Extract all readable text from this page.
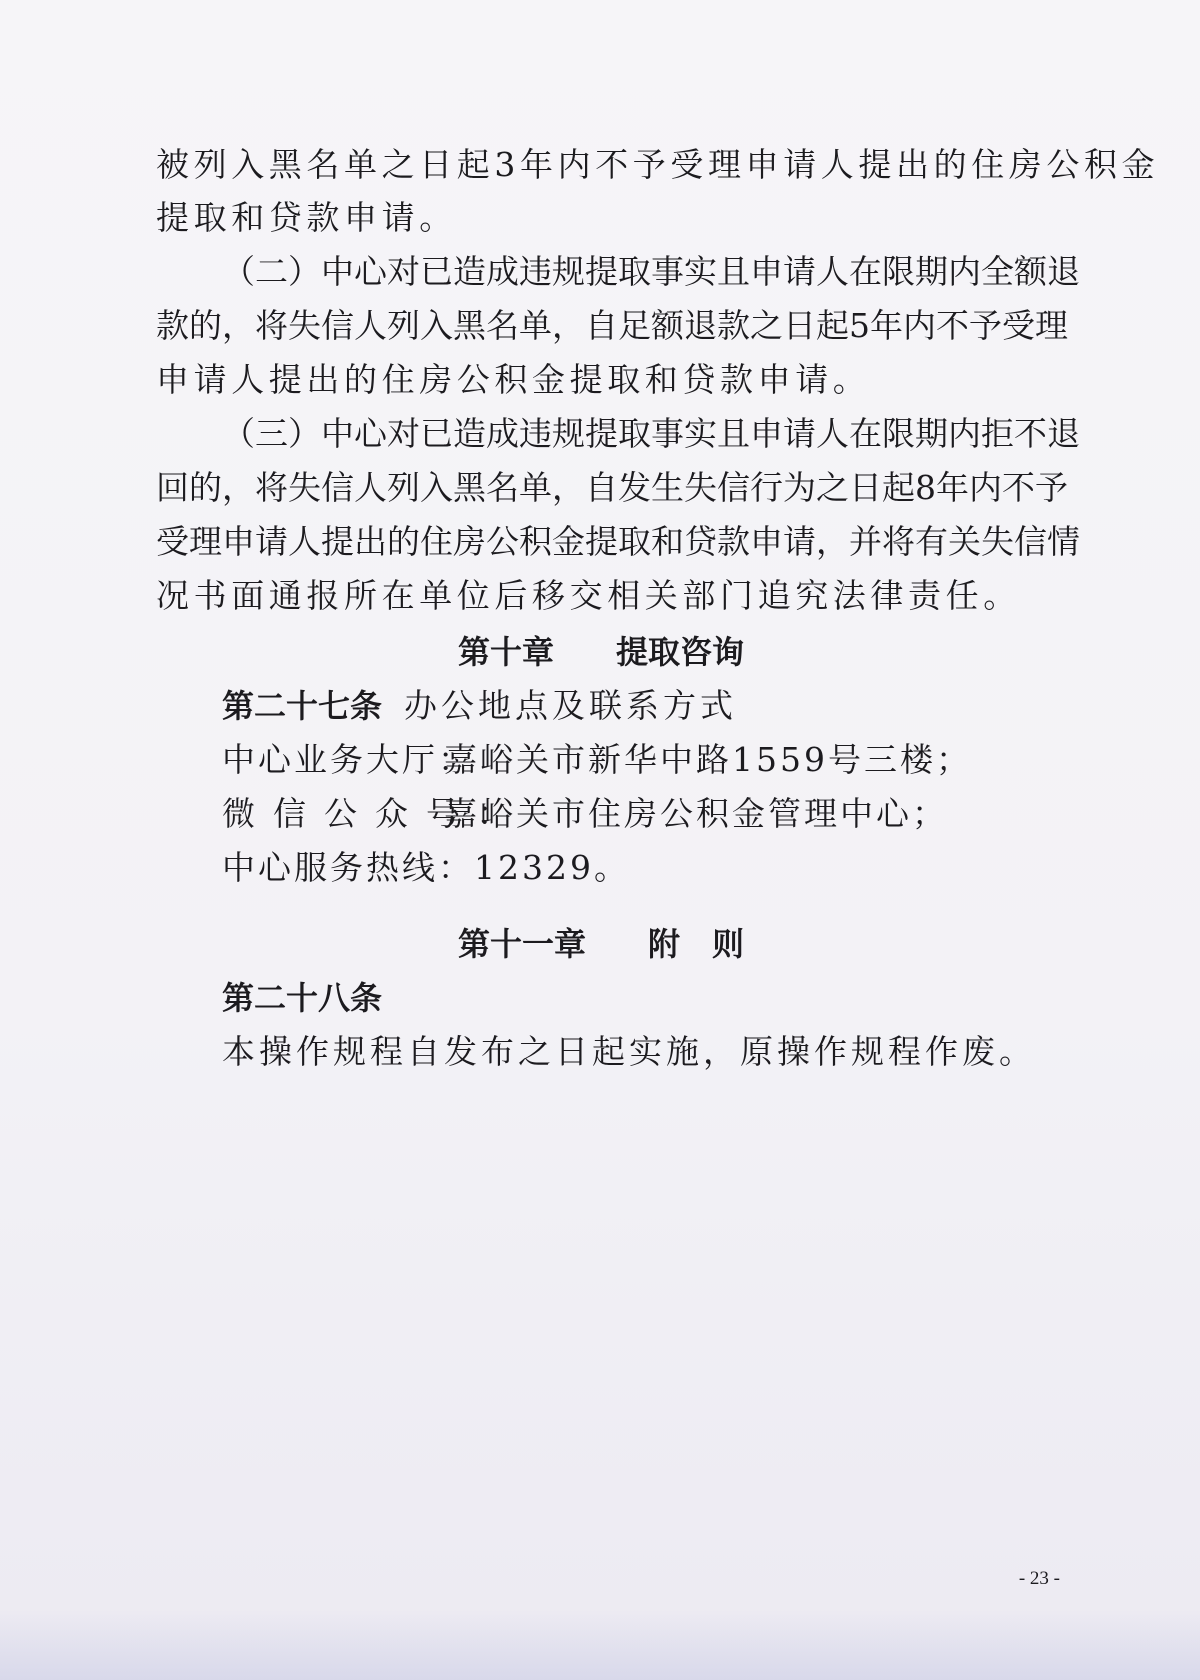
被列入黑名单之日起3年内不予受理申请人提出的住房公积金
提取和贷款申请。
（二）中心对已造成违规提取事实且申请人在限期内全额退
款的，将失信人列入黑名单，自足额退款之日起5年内不予受理
申请人提出的住房公积金提取和贷款申请。
（三）中心对已造成违规提取事实且申请人在限期内拒不退
回的，将失信人列入黑名单，自发生失信行为之日起8年内不予
受理申请人提出的住房公积金提取和贷款申请，并将有关失信情
况书面通报所在单位后移交相关部门追究法律责任。
第十章 提取咨询
第二十七条 办公地点及联系方式
中心业务大厅：嘉峪关市新华中路1559号三楼；
微信公众号：嘉峪关市住房公积金管理中心；
中心服务热线：12329。
第十一章 附　则
第二十八条
本操作规程自发布之日起实施，原操作规程作废。
- 23 -
